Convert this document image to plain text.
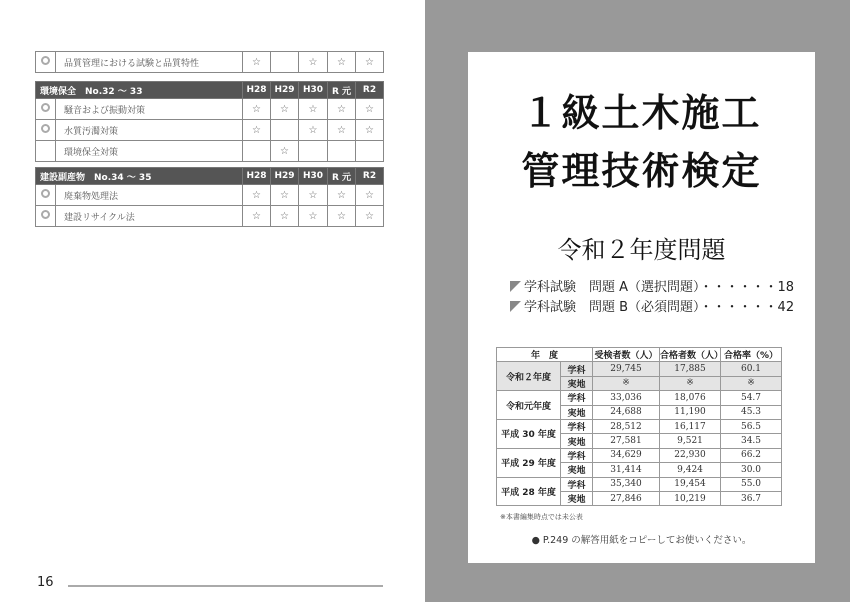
	品質管理における試験と品質特性	☆		☆	☆	☆
環境保全　No.32 ～ 33		H28	H29	H30	R 元	R2
	騒音および振動対策	☆	☆	☆	☆	☆
	水質汚濁対策	☆		☆	☆	☆
	環境保全対策		☆			
建設副産物　No.34 ～ 35		H28	H29	H30	R 元	R2
	廃棄物処理法	☆	☆	☆	☆	☆
	建設リサイクル法	☆	☆	☆	☆	☆
16
１級土木施工
管理技術検定
令和２年度問題
学科試験　問題 A（選択問題）・・・・・・18
学科試験　問題 B（必須問題）・・・・・・42
年　度		受検者数（人）	合格者数（人）	合格率（%）
令和２年度	学科	29,745	17,885	60.1
	実地	※	※	※
令和元年度	学科	33,036	18,076	54.7
	実地	24,688	11,190	45.3
平成 30 年度	学科	28,512	16,117	56.5
	実地	27,581	9,521	34.5
平成 29 年度	学科	34,629	22,930	66.2
	実地	31,414	9,424	30.0
平成 28 年度	学科	35,340	19,454	55.0
	実地	27,846	10,219	36.7
※本書編集時点では未公表
● P.249 の解答用紙をコピーしてお使いください。
